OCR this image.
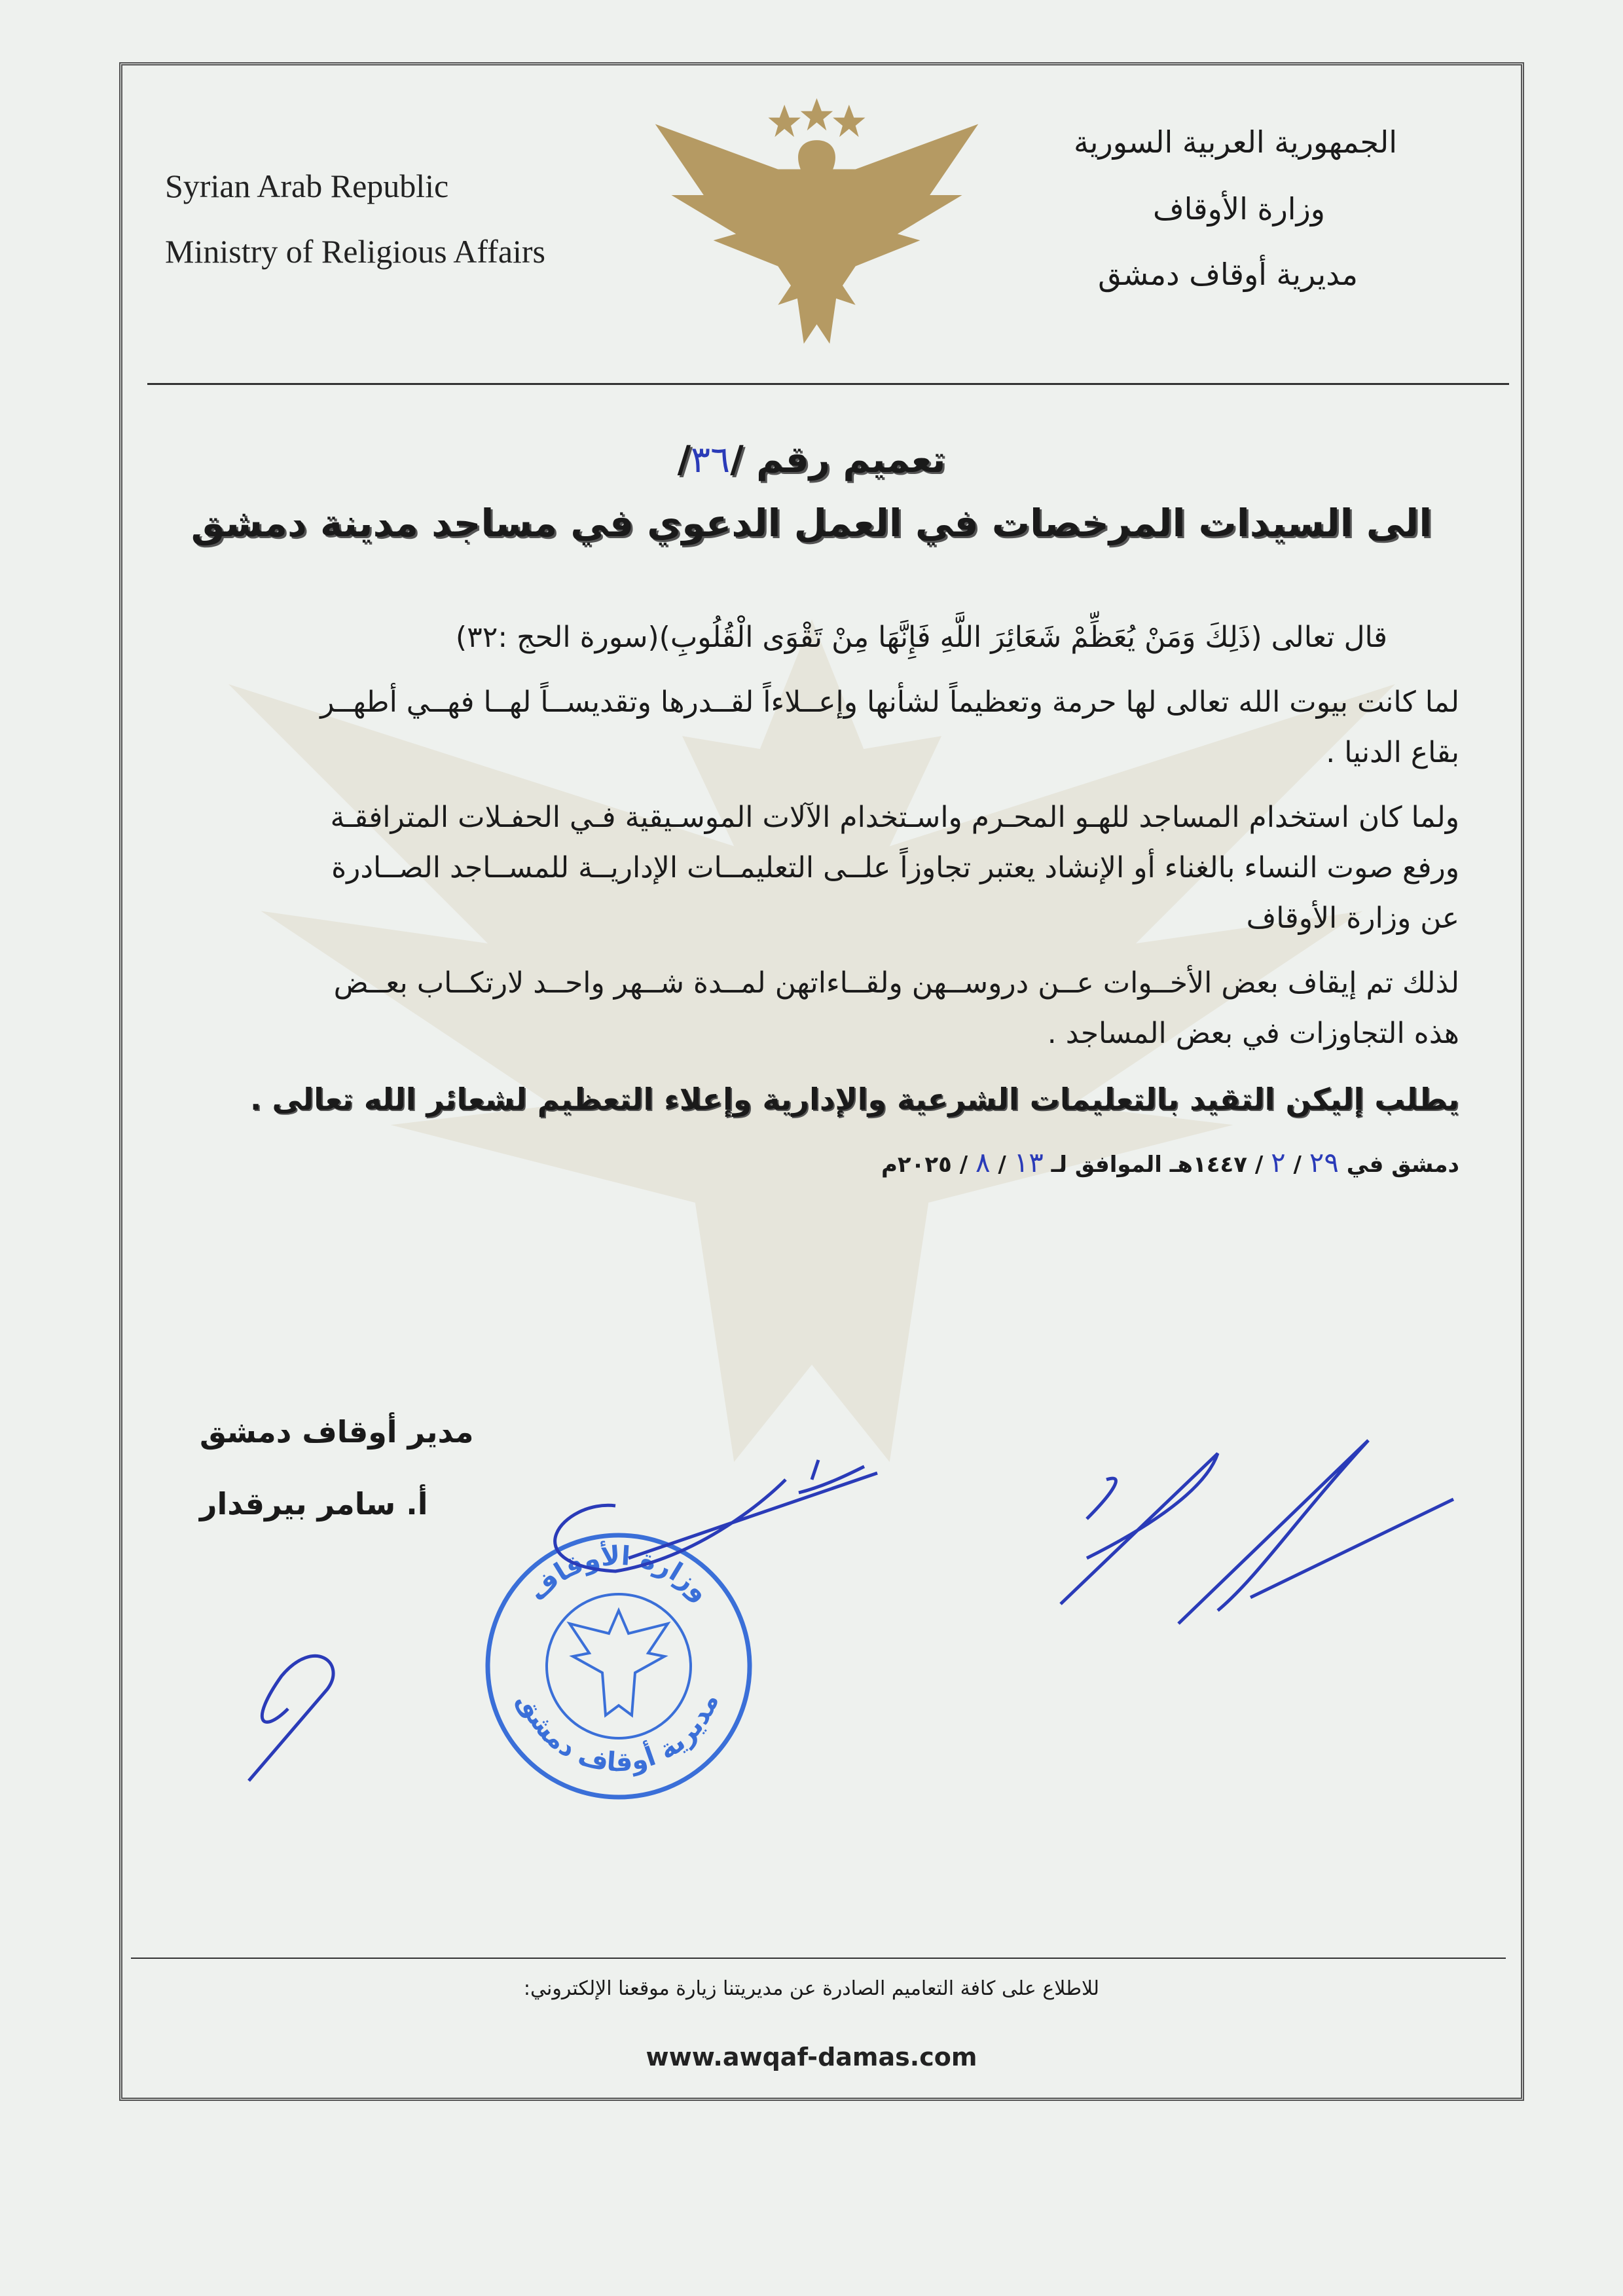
Syrian Arab Republic
Ministry of Religious Affairs
الجمهورية العربية السورية
وزارة الأوقاف
مديرية أوقاف دمشق
تعميم رقم /٣٦/
الى السيدات المرخصات في العمل الدعوي في مساجد مدينة دمشق

قال تعالى (ذَلِكَ وَمَنْ يُعَظِّمْ شَعَائِرَ اللَّهِ فَإِنَّهَا مِنْ تَقْوَى الْقُلُوبِ)(سورة الحج :٣٢)

لما كانت بيوت الله تعالى لها حرمة وتعظيماً لشأنها وإعــلاءاً لقــدرها وتقديســاً لهــا فهــي أطهــر
بقاع الدنيا .

ولما كان استخدام المساجد للهـو المحـرم واسـتخدام الآلات الموسـيقية فـي الحفـلات المترافقـة
ورفع صوت النساء بالغناء أو الإنشاد يعتبر تجاوزاً علــى التعليمــات الإداريــة للمســاجد الصــادرة
عن وزارة الأوقاف

لذلك تم إيقاف بعض الأخــوات عــن دروســهن ولقــاءاتهن لمــدة شــهر واحــد لارتكــاب بعــض
هذه التجاوزات في بعض المساجد .

يطلب إليكن التقيد بالتعليمات الشرعية والإدارية وإعلاء التعظيم لشعائر الله تعالى .

دمشق في ٢٩ / ٢ / ١٤٤٧هـ الموافق لـ ١٣ / ٨ / ٢٠٢٥م

مدير أوقاف دمشق
أ. سامر بيرقدار
وزارة الأوقاف
مديرية أوقاف دمشق
للاطلاع على كافة التعاميم الصادرة عن مديريتنا زيارة موقعنا الإلكتروني:
www.awqaf-damas.com
